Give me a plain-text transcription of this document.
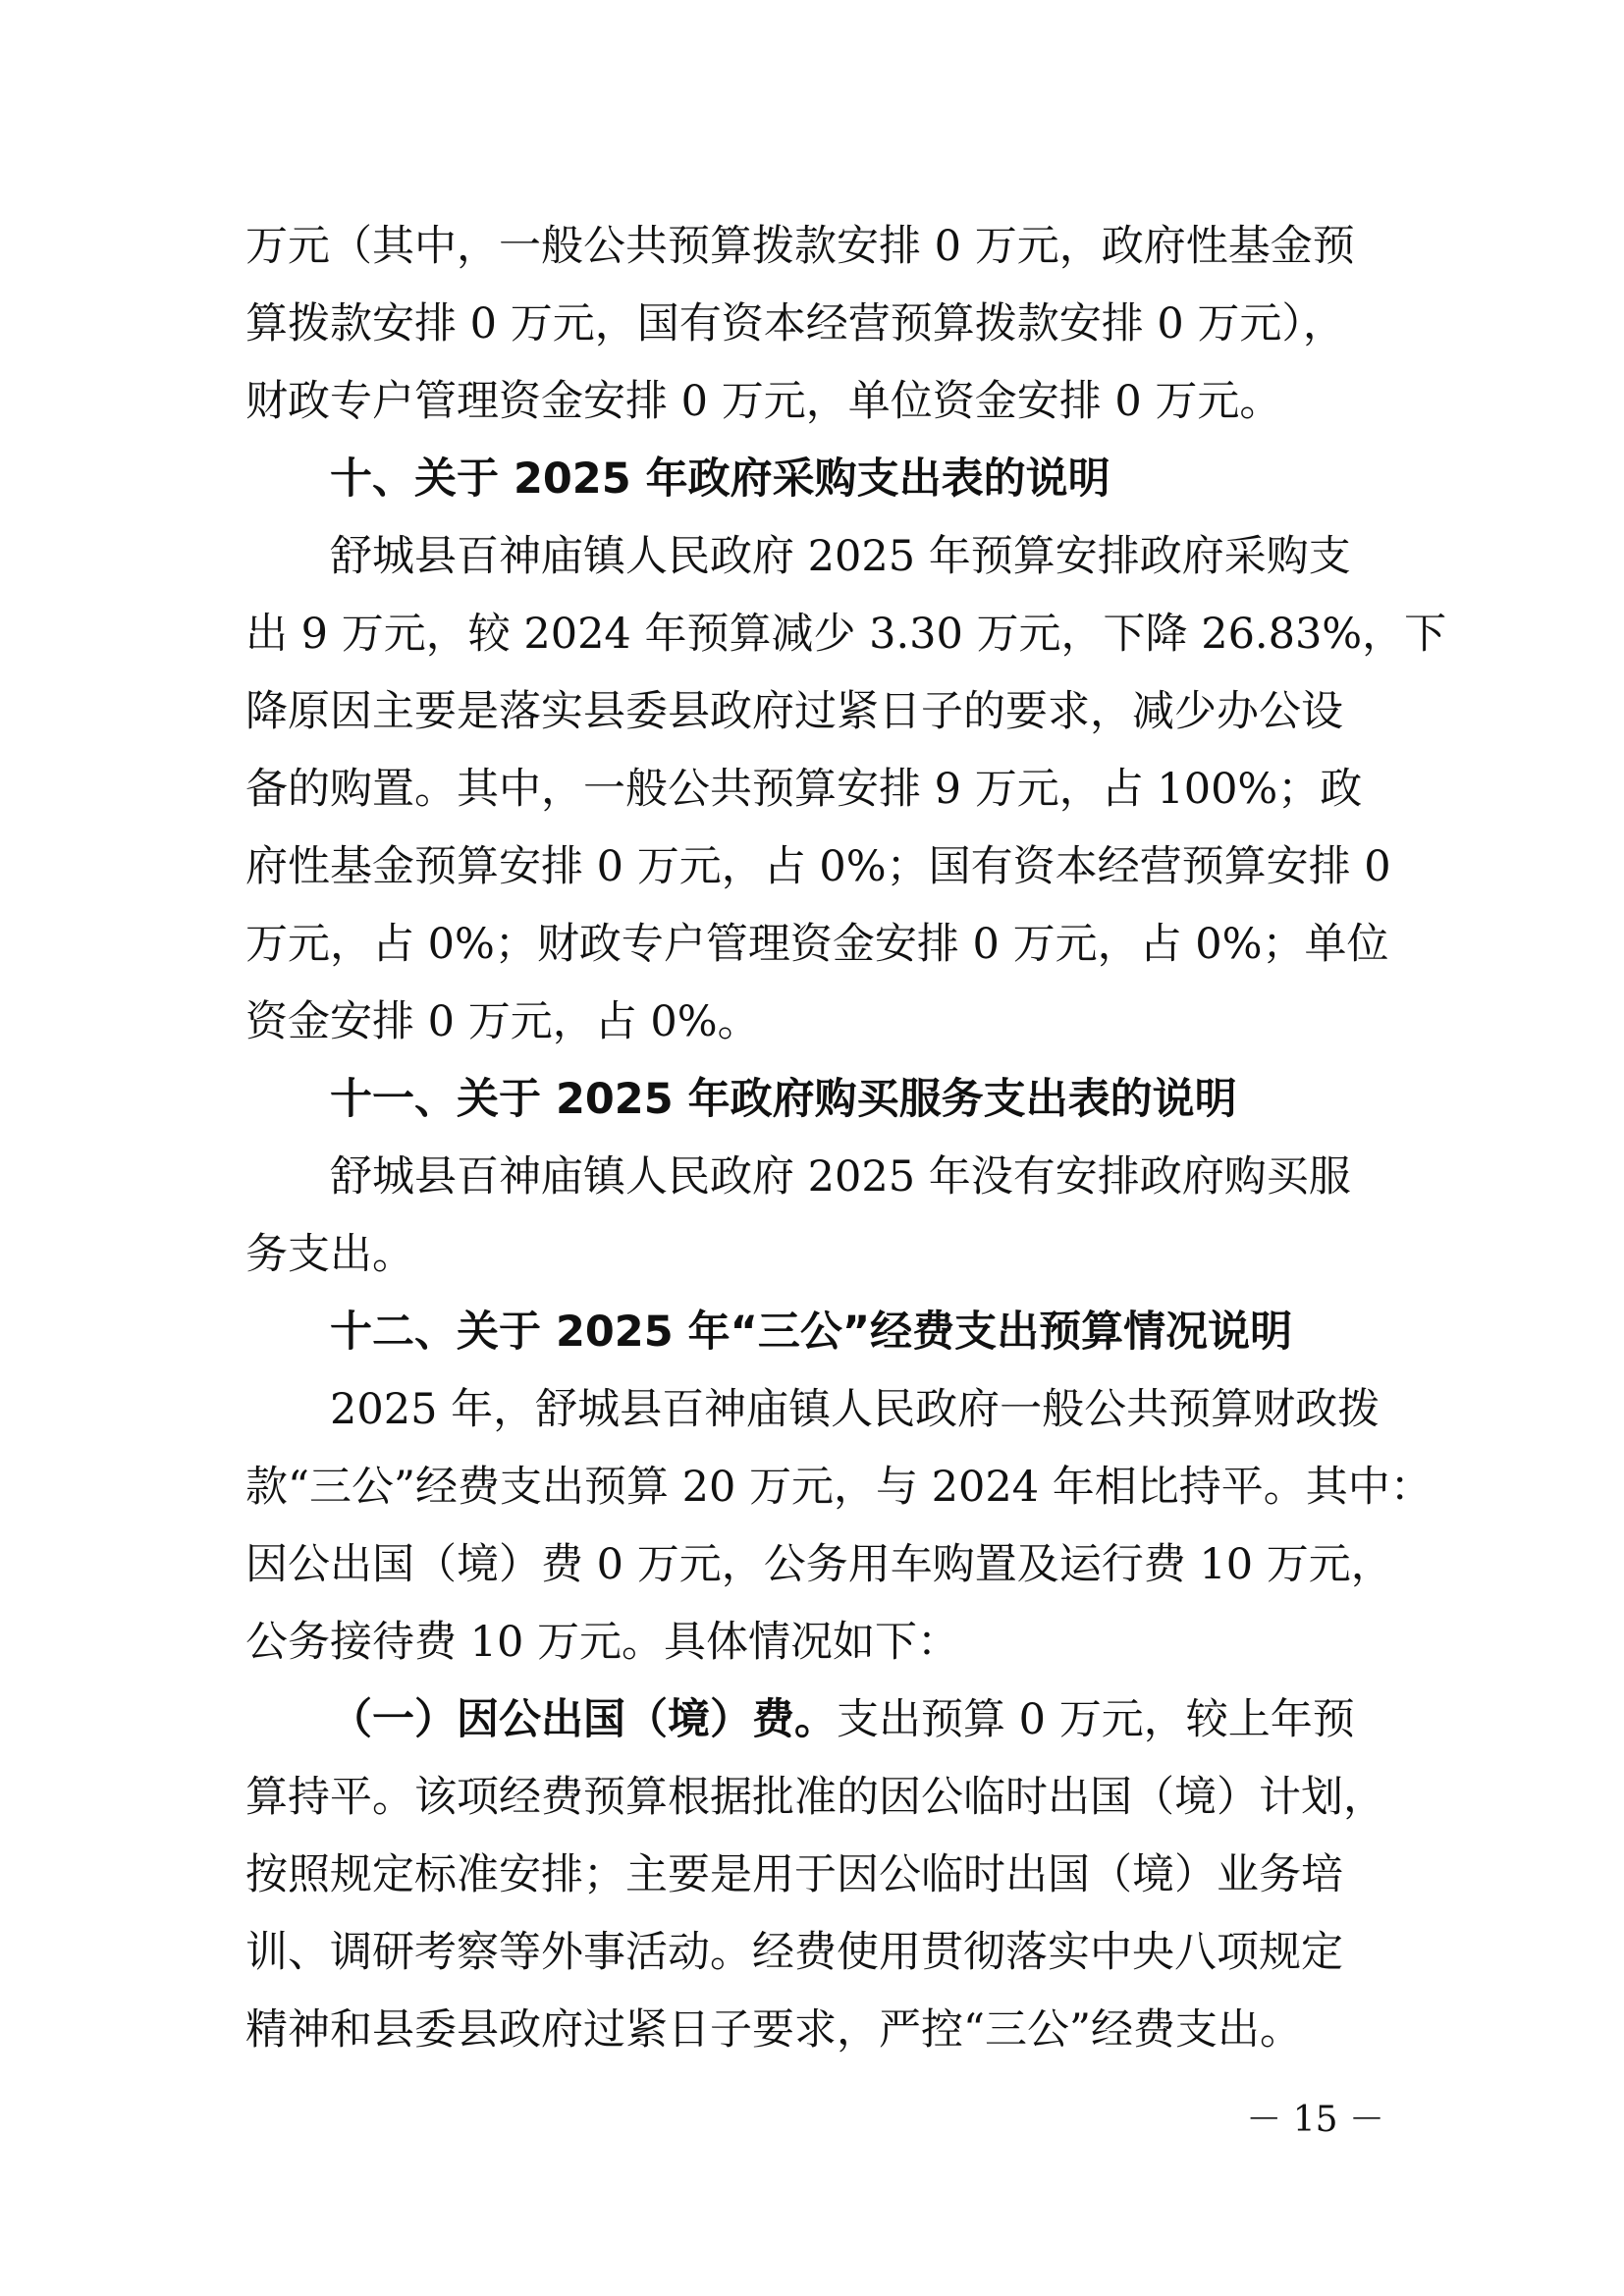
万元（其中，一般公共预算拨款安排 0 万元，政府性基金预
算拨款安排 0 万元，国有资本经营预算拨款安排 0 万元），
财政专户管理资金安排 0 万元，单位资金安排 0 万元。
十、关于 2025 年政府采购支出表的说明
舒城县百神庙镇人民政府 2025 年预算安排政府采购支
出 9 万元，较 2024 年预算减少 3.30 万元，下降 26.83%，下
降原因主要是落实县委县政府过紧日子的要求，减少办公设
备的购置。其中，一般公共预算安排 9 万元，占 100%；政
府性基金预算安排 0 万元，占 0%；国有资本经营预算安排 0
万元，占 0%；财政专户管理资金安排 0 万元，占 0%；单位
资金安排 0 万元，占 0%。
十一、关于 2025 年政府购买服务支出表的说明
舒城县百神庙镇人民政府 2025 年没有安排政府购买服
务支出。
十二、关于 2025 年“三公”经费支出预算情况说明
2025 年，舒城县百神庙镇人民政府一般公共预算财政拨
款“三公”经费支出预算 20 万元，与 2024 年相比持平。其中：
因公出国（境）费 0 万元，公务用车购置及运行费 10 万元，
公务接待费 10 万元。具体情况如下：
（一）因公出国（境）费。支出预算 0 万元，较上年预
算持平。该项经费预算根据批准的因公临时出国（境）计划，
按照规定标准安排；主要是用于因公临时出国（境）业务培
训、调研考察等外事活动。经费使用贯彻落实中央八项规定
精神和县委县政府过紧日子要求，严控“三公”经费支出。
－ 15 －
